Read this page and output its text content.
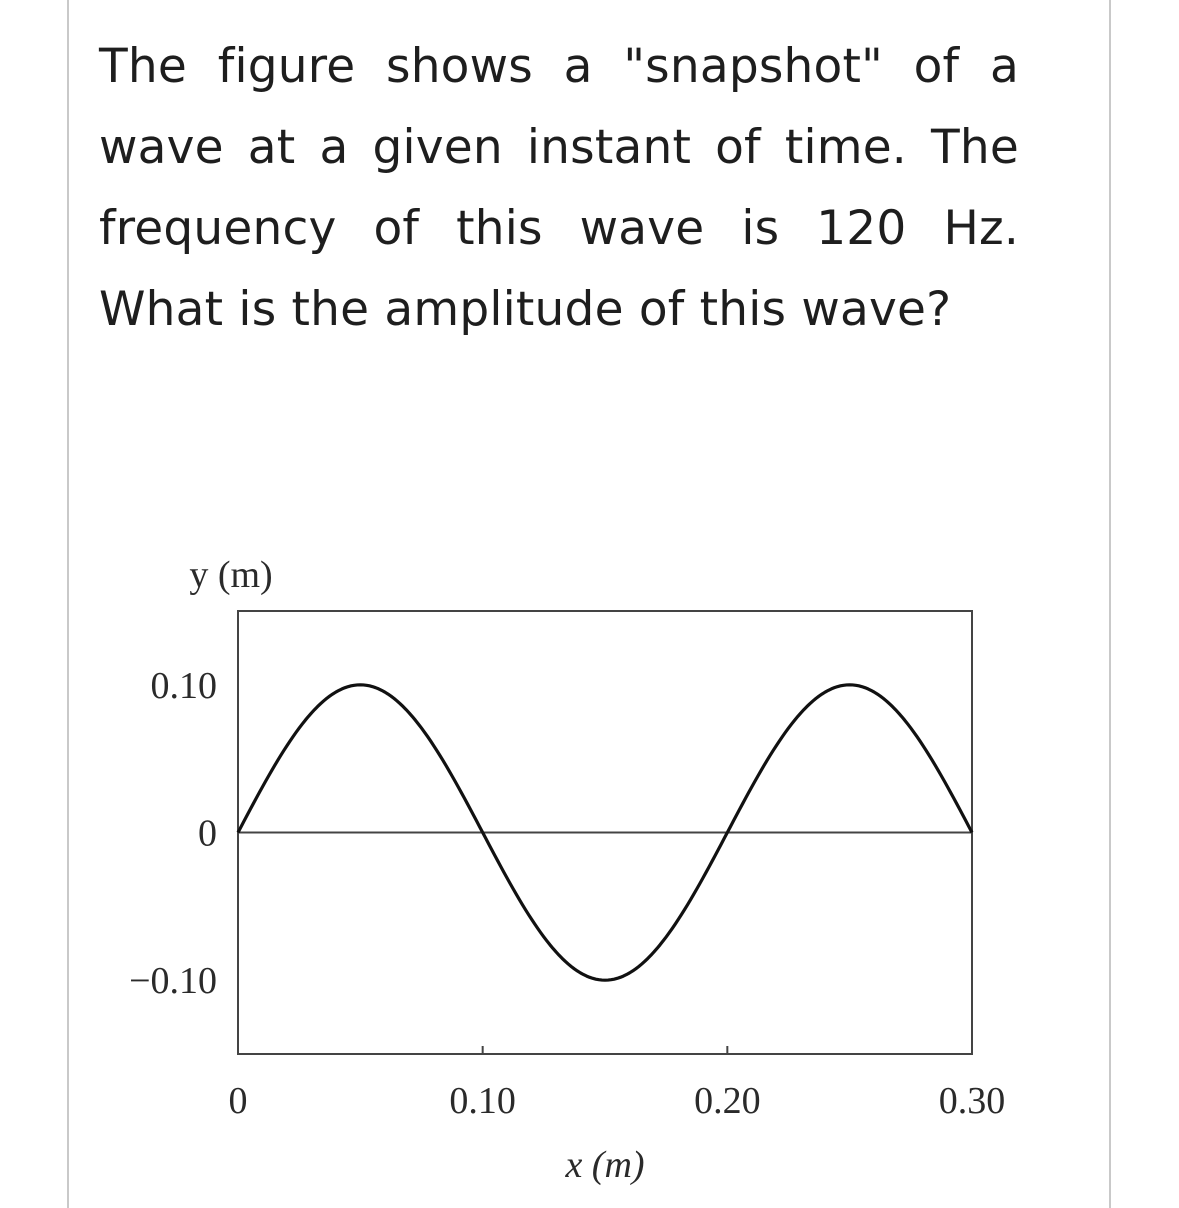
The figure shows a "snapshot" of a wave at a given instant of time. The frequency of this wave is 120 Hz. What is the amplitude of this wave?

y (m)
x (m)
0.10
0
−0.10
0	0.10	0.20	0.30
